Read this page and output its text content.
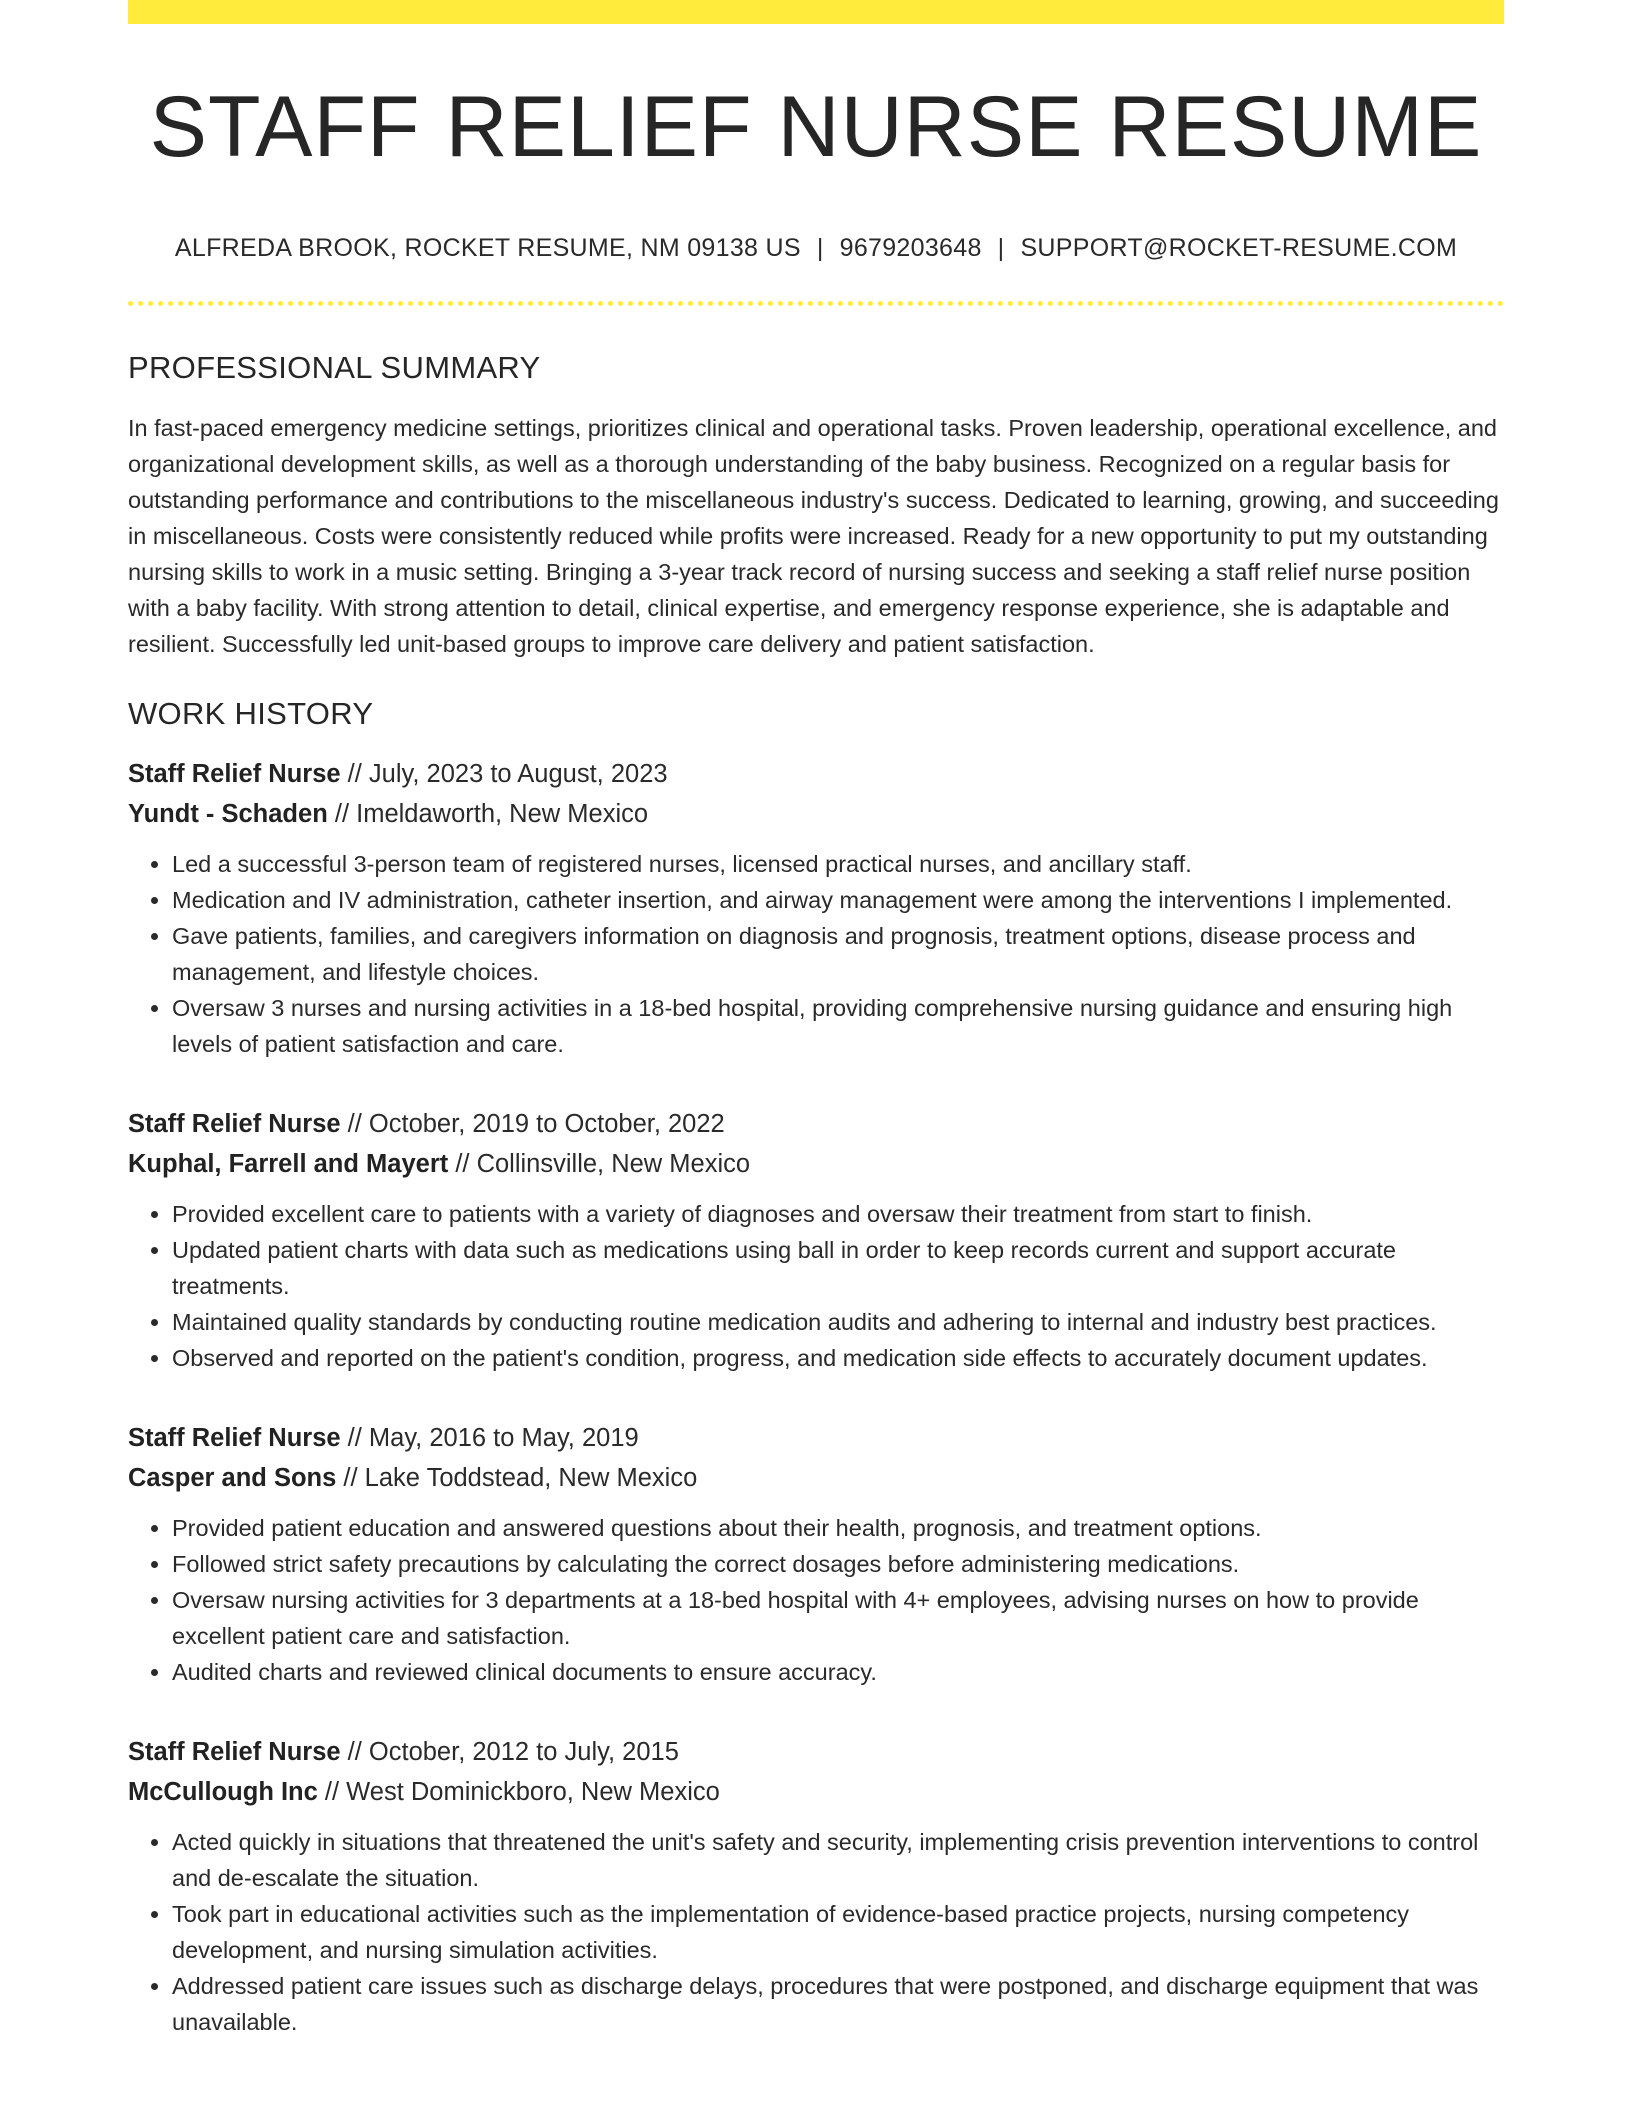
STAFF RELIEF NURSE RESUME
ALFREDA BROOK, ROCKET RESUME, NM 09138 US | 9679203648 | SUPPORT@ROCKET-RESUME.COM
PROFESSIONAL SUMMARY

In fast-paced emergency medicine settings, prioritizes clinical and operational tasks. Proven leadership, operational excellence, and organizational development skills, as well as a thorough understanding of the baby business. Recognized on a regular basis for outstanding performance and contributions to the miscellaneous industry's success. Dedicated to learning, growing, and succeeding in miscellaneous. Costs were consistently reduced while profits were increased. Ready for a new opportunity to put my outstanding nursing skills to work in a music setting. Bringing a 3-year track record of nursing success and seeking a staff relief nurse position with a baby facility. With strong attention to detail, clinical expertise, and emergency response experience, she is adaptable and resilient. Successfully led unit-based groups to improve care delivery and patient satisfaction.

WORK HISTORY
Staff Relief Nurse // July, 2023 to August, 2023
Yundt - Schaden // Imeldaworth, New Mexico
• Led a successful 3-person team of registered nurses, licensed practical nurses, and ancillary staff.
• Medication and IV administration, catheter insertion, and airway management were among the interventions I implemented.
• Gave patients, families, and caregivers information on diagnosis and prognosis, treatment options, disease process and management, and lifestyle choices.
• Oversaw 3 nurses and nursing activities in a 18-bed hospital, providing comprehensive nursing guidance and ensuring high levels of patient satisfaction and care.
Staff Relief Nurse // October, 2019 to October, 2022
Kuphal, Farrell and Mayert // Collinsville, New Mexico
• Provided excellent care to patients with a variety of diagnoses and oversaw their treatment from start to finish.
• Updated patient charts with data such as medications using ball in order to keep records current and support accurate treatments.
• Maintained quality standards by conducting routine medication audits and adhering to internal and industry best practices.
• Observed and reported on the patient's condition, progress, and medication side effects to accurately document updates.
Staff Relief Nurse // May, 2016 to May, 2019
Casper and Sons // Lake Toddstead, New Mexico
• Provided patient education and answered questions about their health, prognosis, and treatment options.
• Followed strict safety precautions by calculating the correct dosages before administering medications.
• Oversaw nursing activities for 3 departments at a 18-bed hospital with 4+ employees, advising nurses on how to provide excellent patient care and satisfaction.
• Audited charts and reviewed clinical documents to ensure accuracy.
Staff Relief Nurse // October, 2012 to July, 2015
McCullough Inc // West Dominickboro, New Mexico
• Acted quickly in situations that threatened the unit's safety and security, implementing crisis prevention interventions to control and de-escalate the situation.
• Took part in educational activities such as the implementation of evidence-based practice projects, nursing competency development, and nursing simulation activities.
• Addressed patient care issues such as discharge delays, procedures that were postponed, and discharge equipment that was unavailable.
